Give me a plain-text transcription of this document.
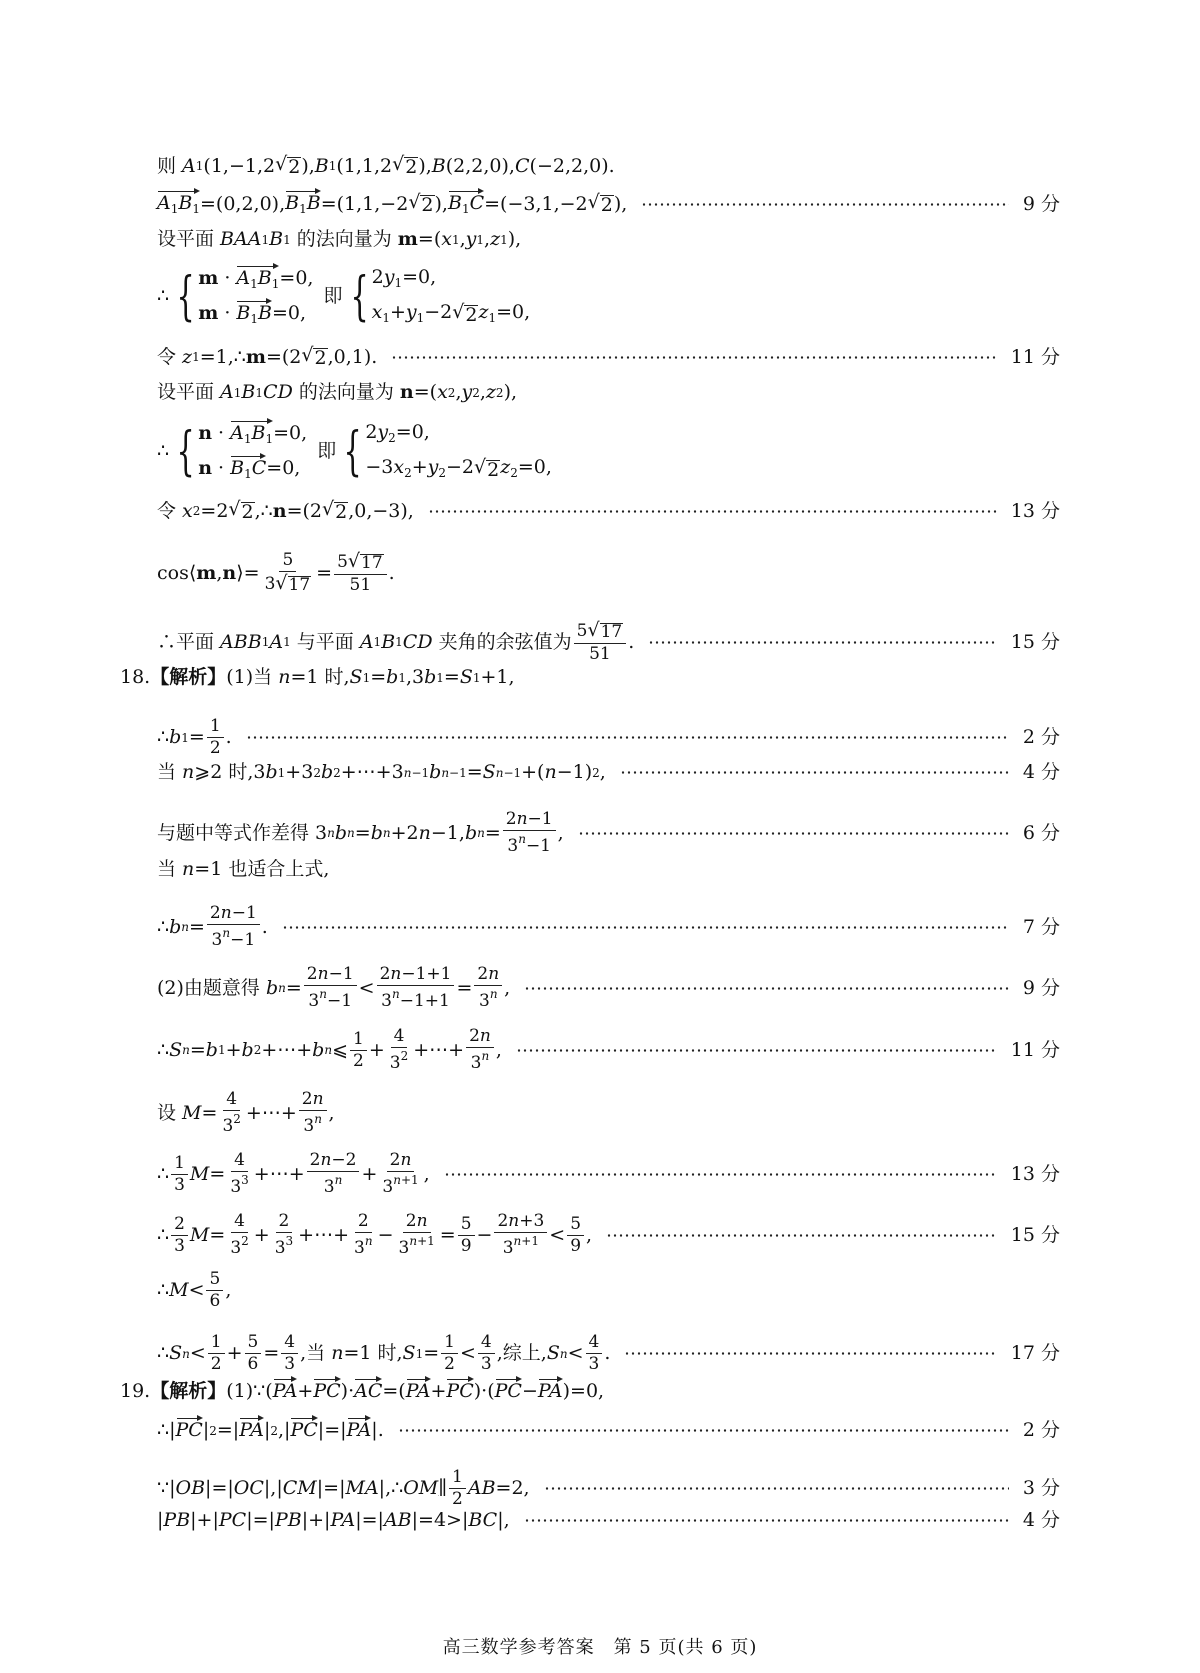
则 A 1 (1,−1,2 √ 2 ), B 1 (1,1,2 √ 2 ), B (2,2,0), C (−2,2,0).
$A_1B_1 =(0,2,0)$, $B_1B =(1,1,-2$ √ 2 ), $B_1C =(-3,1,-2$ √ 2 ),	9 分
设平面 BAA 1 B 1 的法向量为 m =( x 1 , y 1 , z 1 ),
∴ { $m \cdot A_1B_1=0$,
$m \cdot B_1B=0$,
即 { $2y_1=0$,
$x_1+y_1-2$ √ 2 $z_1=0$,
令 z 1 =1,∴ m =(2 √ 2 ,0,1).	11 分
设平面 A 1 B 1 CD 的法向量为 n =( x 2 , y 2 , z 2 ),
∴ { $n \cdot A_1B_1=0$,
$n \cdot B_1C=0$,
即 { $2y_2=0$,
$-3x_2+y_2-2$ √ 2 $z_2=0$,
令 x 2 =2 √ 2 ,∴ n =(2 √ 2 ,0,−3),	13 分
cos⟨ m , n ⟩= $\frac{5}{3 √ 17} = \frac{5 √ 17}{51}$ .
∴平面 ABB 1 A 1 与平面 A 1 B 1 CD 夹角的余弦值为 $\frac{5 √ 17}{51}$ .	15 分
18. 【解析】 (1)当 n =1 时, S 1 = b 1 ,3 b 1 = S 1 +1,
∴ b $1 = \frac{1}{2}$ .	2 分
当 n ⩾2 时,3 b 1 +3 2 b 2 +⋯+3 n−1 b n−1 = S n−1 +( n −1) 2 ,	4 分
与题中等式作差得 3 n b n = b n +2 n −1, b $n = \frac{2n-1}{3^n-1}$ ,	6 分
当 n =1 也适合上式,
∴ b $n = \frac{2n-1}{3^n-1}$ .	7 分
(2)由题意得 b $n = \frac{2n-1}{3^n-1} < \frac{2n-1+1}{3^n-1+1} = \frac{2n}{3^n}$ ,	9 分
∴ S n = b 1 + b 2 +⋯+ b n ⩽ $\frac{1}{2} + \frac{4}{3^2}$ +⋯+ $\frac{2n}{3^n}$ ,	11 分
设 $M = \frac{4}{3^2}$ +⋯+ $\frac{2n}{3^n}$ ,
∴ $\frac{1}{3}$ $M = \frac{4}{3^3}$ +⋯+ $\frac{2n-2}{3^n} + \frac{2n}{3^{n+1}}$ ,	13 分
∴ $\frac{2}{3}$ $M = \frac{4}{3^2} + \frac{2}{3^3}$ +⋯+ $\frac{2}{3^n} - \frac{2n}{3^{n+1}} = \frac{5}{9} - \frac{2n+3}{3^{n+1}} < \frac{5}{9}$ ,	15 分
∴ $M < \frac{5}{6}$ ,
∴ S $n < \frac{1}{2} + \frac{5}{6} = \frac{4}{3}$ ,当 n =1 时, S $1 = \frac{1}{2} < \frac{4}{3}$ ,综上, S $n < \frac{4}{3}$ .	17 分
19. 【解析】 (1)∵( PA + PC )· AC =( PA + PC )·( PC − PA )=0,
∴| PC | 2 =| PA | 2 ,| PC |=| PA |.	2 分
∵| OB |=| OC |,| CM |=| MA |,∴ OM ∥ $\frac{1}{2}$ AB =2,	3 分
| PB |+| PC |=| PB |+| PA |=| AB |=4>| BC |,	4 分
高三数学参考答案　第 5 页(共 6 页)
